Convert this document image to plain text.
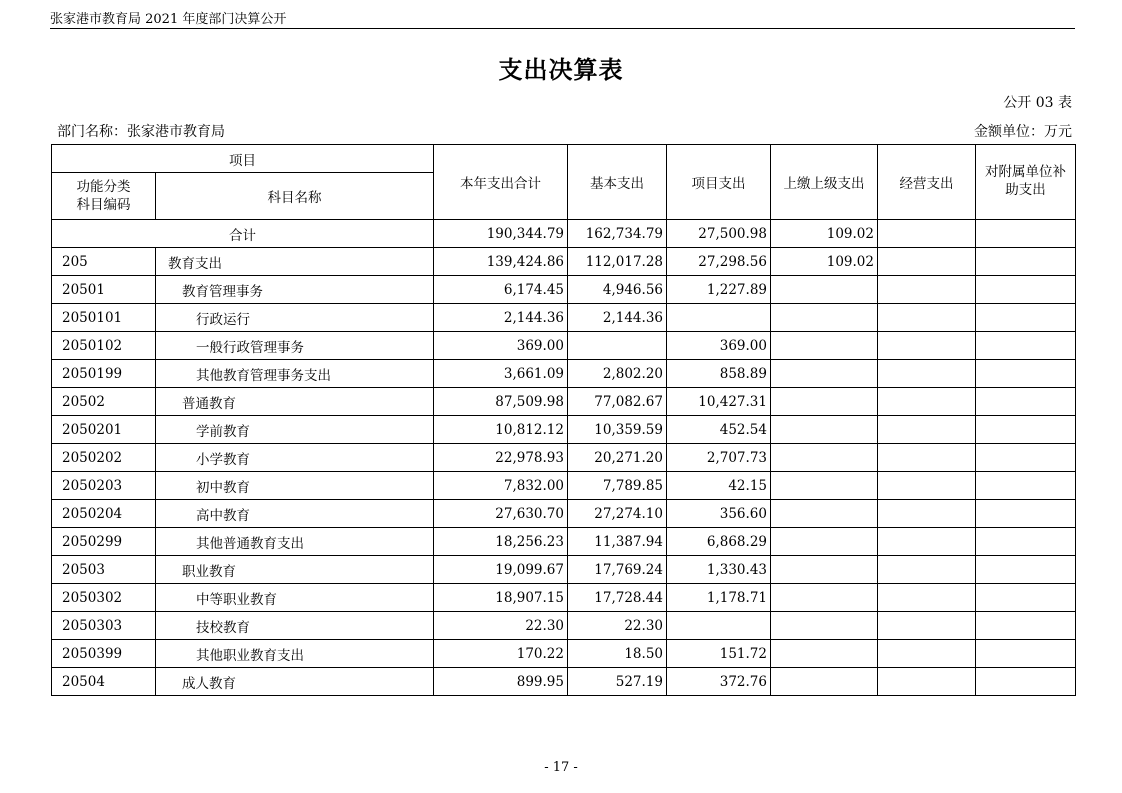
张家港市教育局 2021 年度部门决算公开
支出决算表
公开 03 表
部门名称：张家港市教育局	金额单位：万元
项目		本年支出合计	基本支出	项目支出	上缴上级支出	经营支出	对附属单位补助支出
功能分类
科目编码	科目名称						
合计		190,344.79	162,734.79	27,500.98	109.02		
205	教育支出	139,424.86	112,017.28	27,298.56	109.02		
20501	教育管理事务	6,174.45	4,946.56	1,227.89			
2050101	行政运行	2,144.36	2,144.36				
2050102	一般行政管理事务	369.00		369.00			
2050199	其他教育管理事务支出	3,661.09	2,802.20	858.89			
20502	普通教育	87,509.98	77,082.67	10,427.31			
2050201	学前教育	10,812.12	10,359.59	452.54			
2050202	小学教育	22,978.93	20,271.20	2,707.73			
2050203	初中教育	7,832.00	7,789.85	42.15			
2050204	高中教育	27,630.70	27,274.10	356.60			
2050299	其他普通教育支出	18,256.23	11,387.94	6,868.29			
20503	职业教育	19,099.67	17,769.24	1,330.43			
2050302	中等职业教育	18,907.15	17,728.44	1,178.71			
2050303	技校教育	22.30	22.30				
2050399	其他职业教育支出	170.22	18.50	151.72			
20504	成人教育	899.95	527.19	372.76			
- 17 -
